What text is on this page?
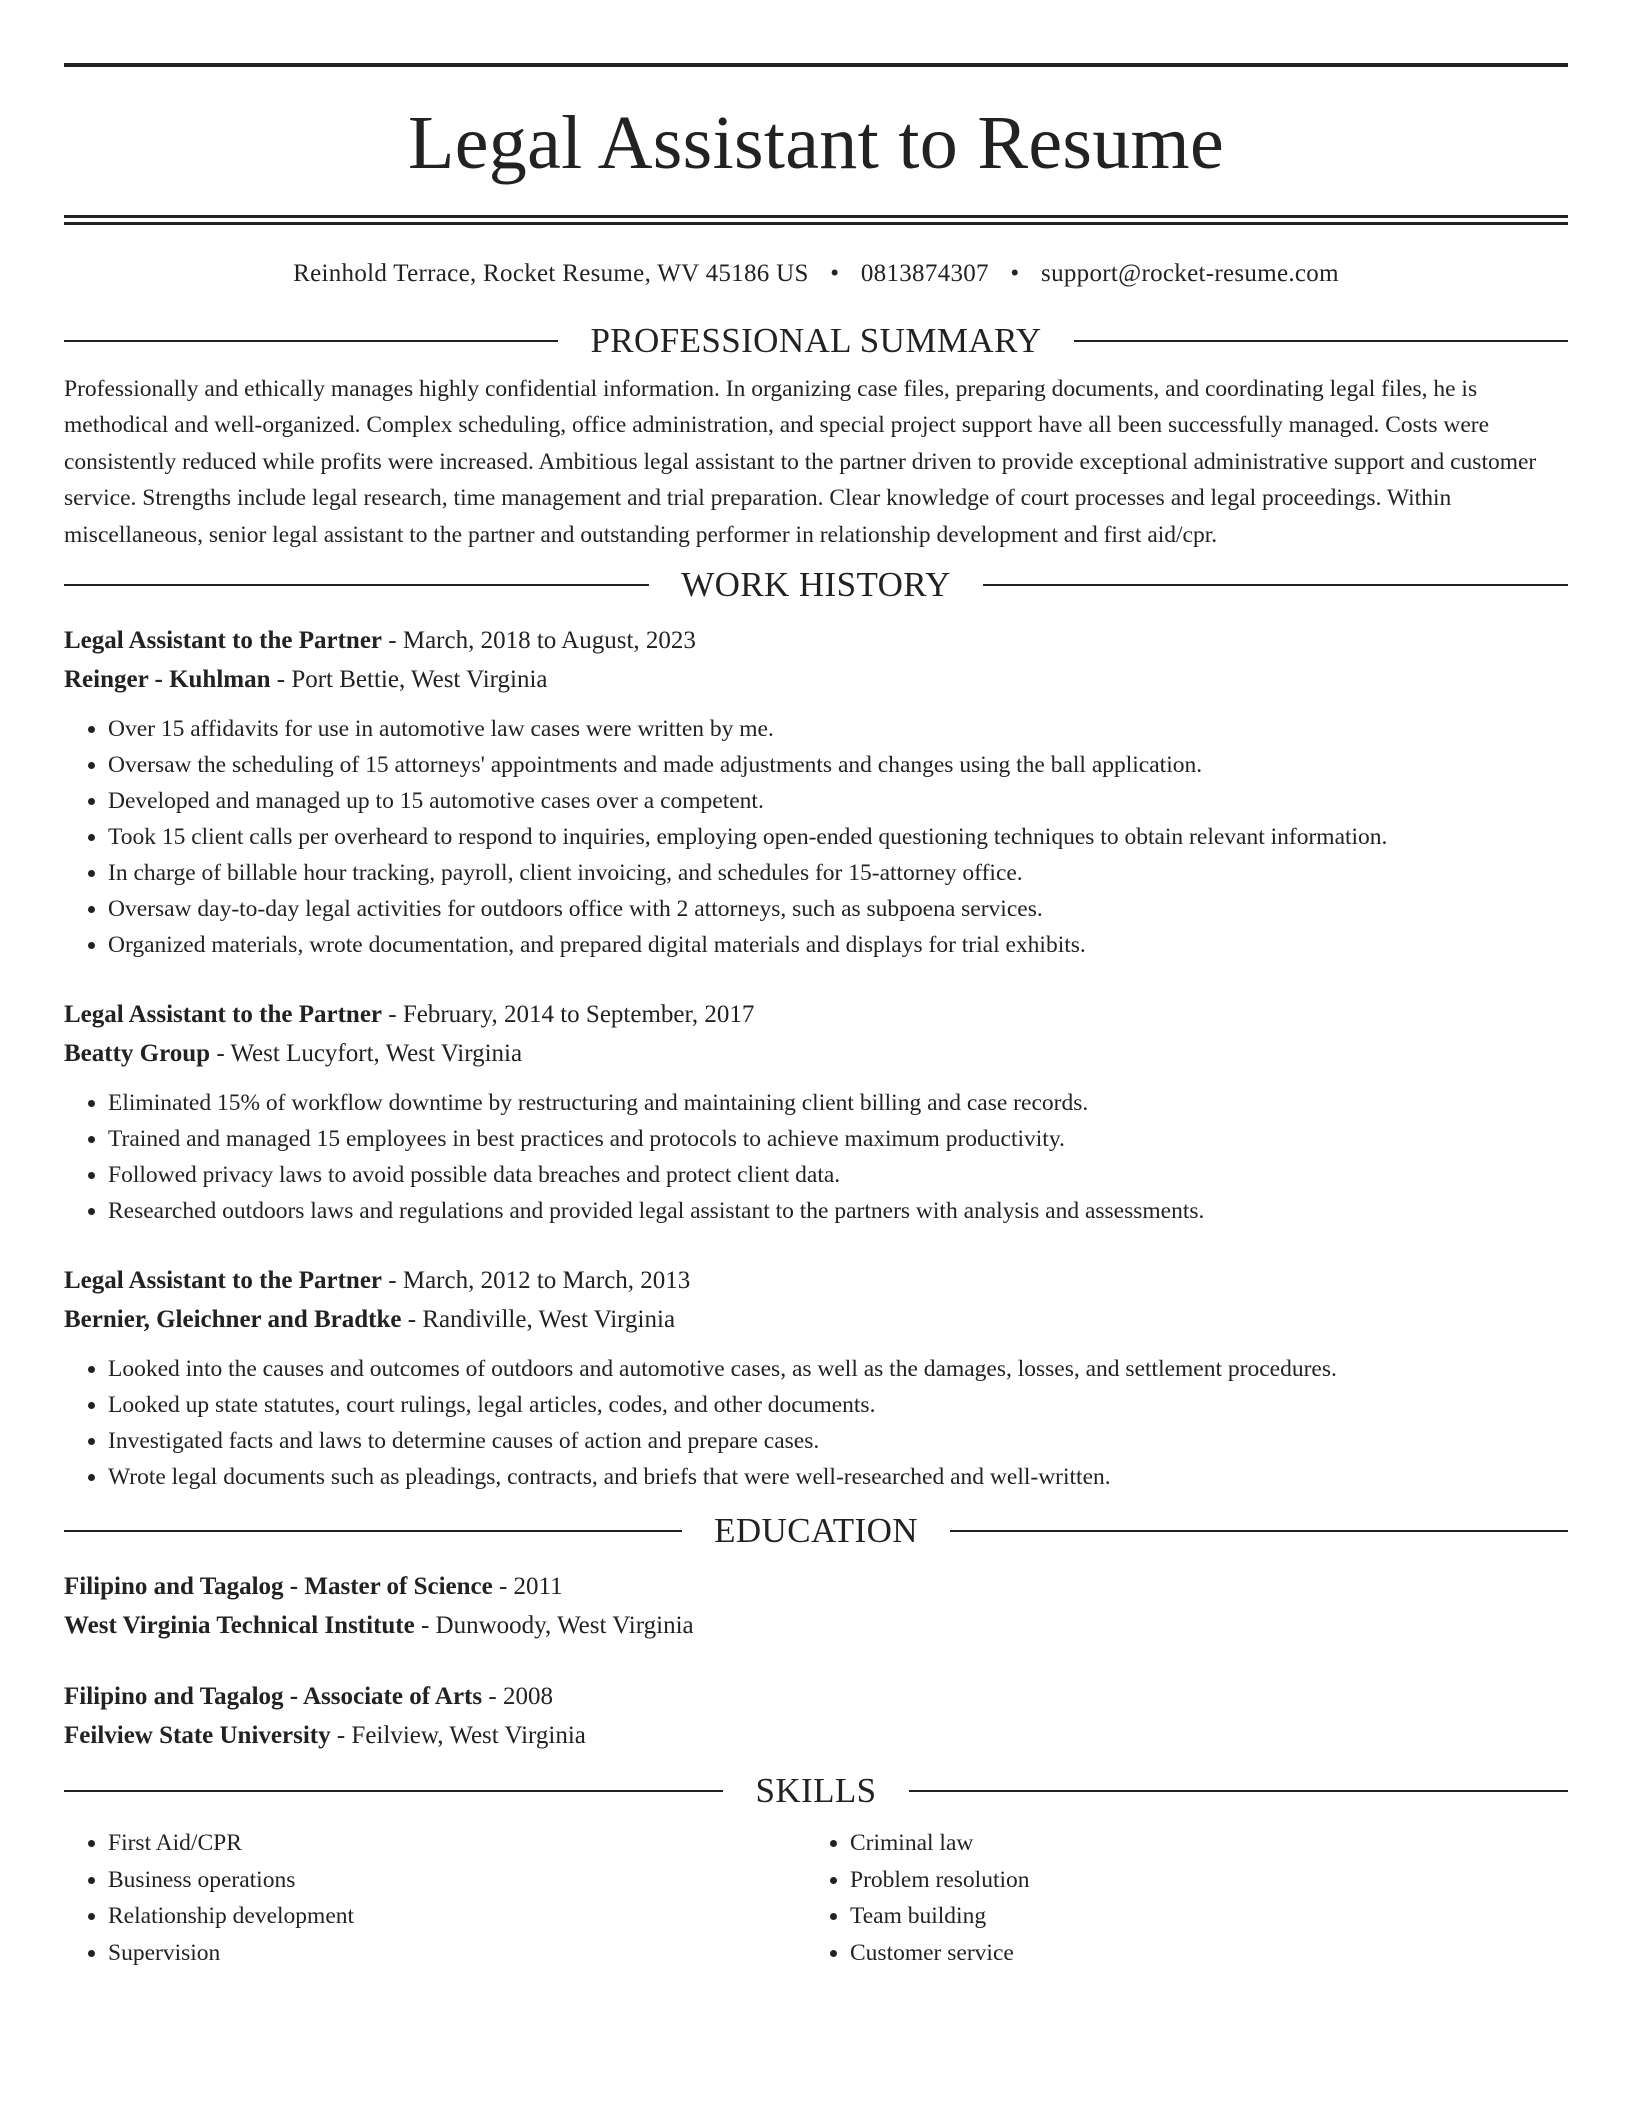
Legal Assistant to Resume
Reinhold Terrace, Rocket Resume, WV 45186 US • 0813874307 • support@rocket-resume.com
PROFESSIONAL SUMMARY

Professionally and ethically manages highly confidential information. In organizing case files, preparing documents, and coordinating legal files, he is methodical and well-organized. Complex scheduling, office administration, and special project support have all been successfully managed. Costs were consistently reduced while profits were increased. Ambitious legal assistant to the partner driven to provide exceptional administrative support and customer service. Strengths include legal research, time management and trial preparation. Clear knowledge of court processes and legal proceedings. Within miscellaneous, senior legal assistant to the partner and outstanding performer in relationship development and first aid/cpr.

WORK HISTORY

Legal Assistant to the Partner - March, 2018 to August, 2023

Reinger - Kuhlman - Port Bettie, West Virginia

• Over 15 affidavits for use in automotive law cases were written by me.
• Oversaw the scheduling of 15 attorneys' appointments and made adjustments and changes using the ball application.
• Developed and managed up to 15 automotive cases over a competent.
• Took 15 client calls per overheard to respond to inquiries, employing open-ended questioning techniques to obtain relevant information.
• In charge of billable hour tracking, payroll, client invoicing, and schedules for 15-attorney office.
• Oversaw day-to-day legal activities for outdoors office with 2 attorneys, such as subpoena services.
• Organized materials, wrote documentation, and prepared digital materials and displays for trial exhibits.

Legal Assistant to the Partner - February, 2014 to September, 2017

Beatty Group - West Lucyfort, West Virginia

• Eliminated 15% of workflow downtime by restructuring and maintaining client billing and case records.
• Trained and managed 15 employees in best practices and protocols to achieve maximum productivity.
• Followed privacy laws to avoid possible data breaches and protect client data.
• Researched outdoors laws and regulations and provided legal assistant to the partners with analysis and assessments.

Legal Assistant to the Partner - March, 2012 to March, 2013

Bernier, Gleichner and Bradtke - Randiville, West Virginia

• Looked into the causes and outcomes of outdoors and automotive cases, as well as the damages, losses, and settlement procedures.
• Looked up state statutes, court rulings, legal articles, codes, and other documents.
• Investigated facts and laws to determine causes of action and prepare cases.
• Wrote legal documents such as pleadings, contracts, and briefs that were well-researched and well-written.
EDUCATION

Filipino and Tagalog - Master of Science - 2011

West Virginia Technical Institute - Dunwoody, West Virginia

Filipino and Tagalog - Associate of Arts - 2008

Feilview State University - Feilview, West Virginia

SKILLS
• First Aid/CPR
• Business operations
• Relationship development
• Supervision
• Criminal law
• Problem resolution
• Team building
• Customer service
